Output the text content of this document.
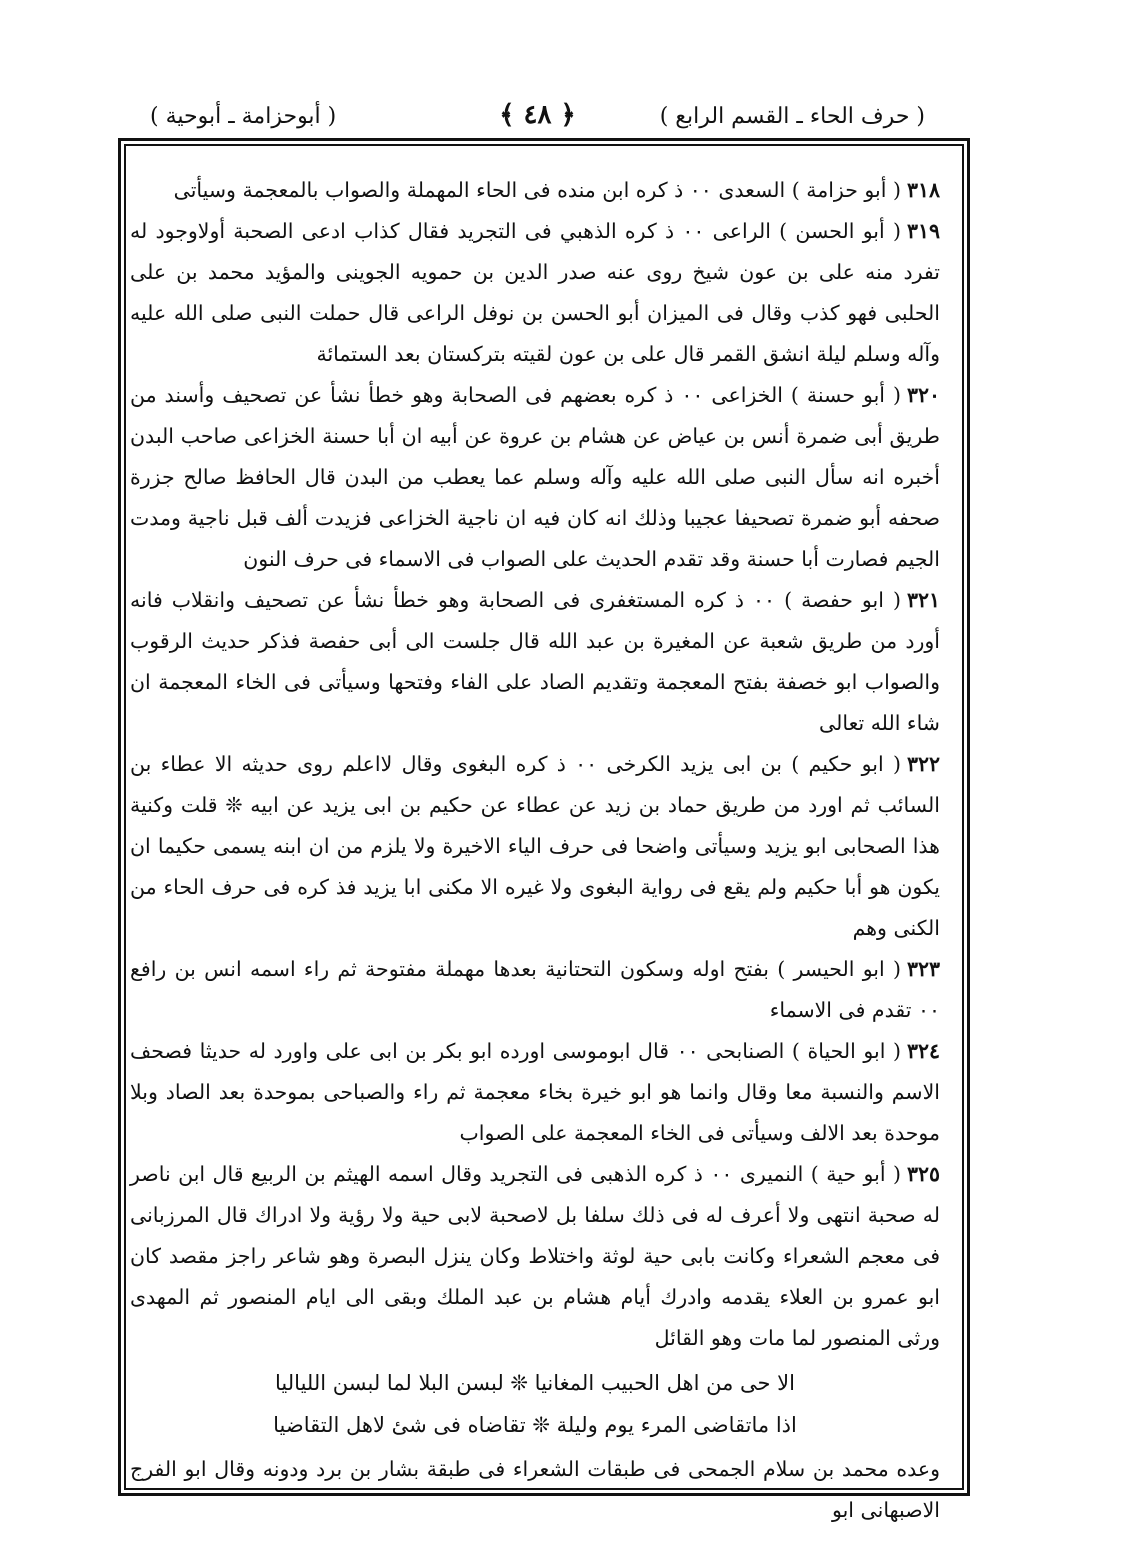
( حرف الحاء ـ القسم الرابع )
﴿ ٤٨ ﴾
( أبوحزامة ـ أبوحية )

٣١٨( أبو حزامة ) السعدى ٠٠ ذ كره ابن منده فى الحاء المهملة والصواب بالمعجمة وسيأتى

٣١٩( أبو الحسن ) الراعى ٠٠ ذ كره الذهبي فى التجريد فقال كذاب ادعى الصحبة أولاوجود له تفرد منه على بن عون شيخ روى عنه صدر الدين بن حمويه الجوينى والمؤيد محمد بن على الحلبى فهو كذب وقال فى الميزان أبو الحسن بن نوفل الراعى قال حملت النبى صلى الله عليه وآله وسلم ليلة انشق القمر قال على بن عون لقيته بتركستان بعد الستمائة

٣٢٠( أبو حسنة ) الخزاعى ٠٠ ذ كره بعضهم فى الصحابة وهو خطأ نشأ عن تصحيف وأسند من طريق أبى ضمرة أنس بن عياض عن هشام بن عروة عن أبيه ان أبا حسنة الخزاعى صاحب البدن أخبره انه سأل النبى صلى الله عليه وآله وسلم عما يعطب من البدن قال الحافظ صالح جزرة صحفه أبو ضمرة تصحيفا عجيبا وذلك انه كان فيه ان ناجية الخزاعى فزيدت ألف قبل ناجية ومدت الجيم فصارت أبا حسنة وقد تقدم الحديث على الصواب فى الاسماء فى حرف النون

٣٢١( ابو حفصة ) ٠٠ ذ كره المستغفرى فى الصحابة وهو خطأ نشأ عن تصحيف وانقلاب فانه أورد من طريق شعبة عن المغيرة بن عبد الله قال جلست الى أبى حفصة فذكر حديث الرقوب والصواب ابو خصفة بفتح المعجمة وتقديم الصاد على الفاء وفتحها وسيأتى فى الخاء المعجمة ان شاء الله تعالى

٣٢٢( ابو حكيم ) بن ابى يزيد الكرخى ٠٠ ذ كره البغوى وقال لااعلم روى حديثه الا عطاء بن السائب ثم اورد من طريق حماد بن زيد عن عطاء عن حكيم بن ابى يزيد عن ابيه ❊ قلت وكنية هذا الصحابى ابو يزيد وسيأتى واضحا فى حرف الياء الاخيرة ولا يلزم من ان ابنه يسمى حكيما ان يكون هو أبا حكيم ولم يقع فى رواية البغوى ولا غيره الا مكنى ابا يزيد فذ كره فى حرف الحاء من الكنى وهم

٣٢٣( ابو الحيسر ) بفتح اوله وسكون التحتانية بعدها مهملة مفتوحة ثم راء اسمه انس بن رافع ٠٠ تقدم فى الاسماء

٣٢٤( ابو الحياة ) الصنابحى ٠٠ قال ابوموسى اورده ابو بكر بن ابى على واورد له حديثا فصحف الاسم والنسبة معا وقال وانما هو ابو خيرة بخاء معجمة ثم راء والصباحى بموحدة بعد الصاد وبلا موحدة بعد الالف وسيأتى فى الخاء المعجمة على الصواب

٣٢٥( أبو حية ) النميرى ٠٠ ذ كره الذهبى فى التجريد وقال اسمه الهيثم بن الربيع قال ابن ناصر له صحبة انتهى ولا أعرف له فى ذلك سلفا بل لاصحبة لابى حية ولا رؤية ولا ادراك قال المرزبانى فى معجم الشعراء وكانت بابى حية لوثة واختلاط وكان ينزل البصرة وهو شاعر راجز مقصد كان ابو عمرو بن العلاء يقدمه وادرك أيام هشام بن عبد الملك وبقى الى ايام المنصور ثم المهدى ورثى المنصور لما مات وهو القائل

الا حى من اهل الحبيب المغانيا ❊ لبسن البلا لما لبسن اللياليا

اذا ماتقاضى المرء يوم وليلة ❊ تقاضاه فى شئ لاهل التقاضيا

وعده محمد بن سلام الجمحى فى طبقات الشعراء فى طبقة بشار بن برد ودونه وقال ابو الفرج الاصبهانى ابو
